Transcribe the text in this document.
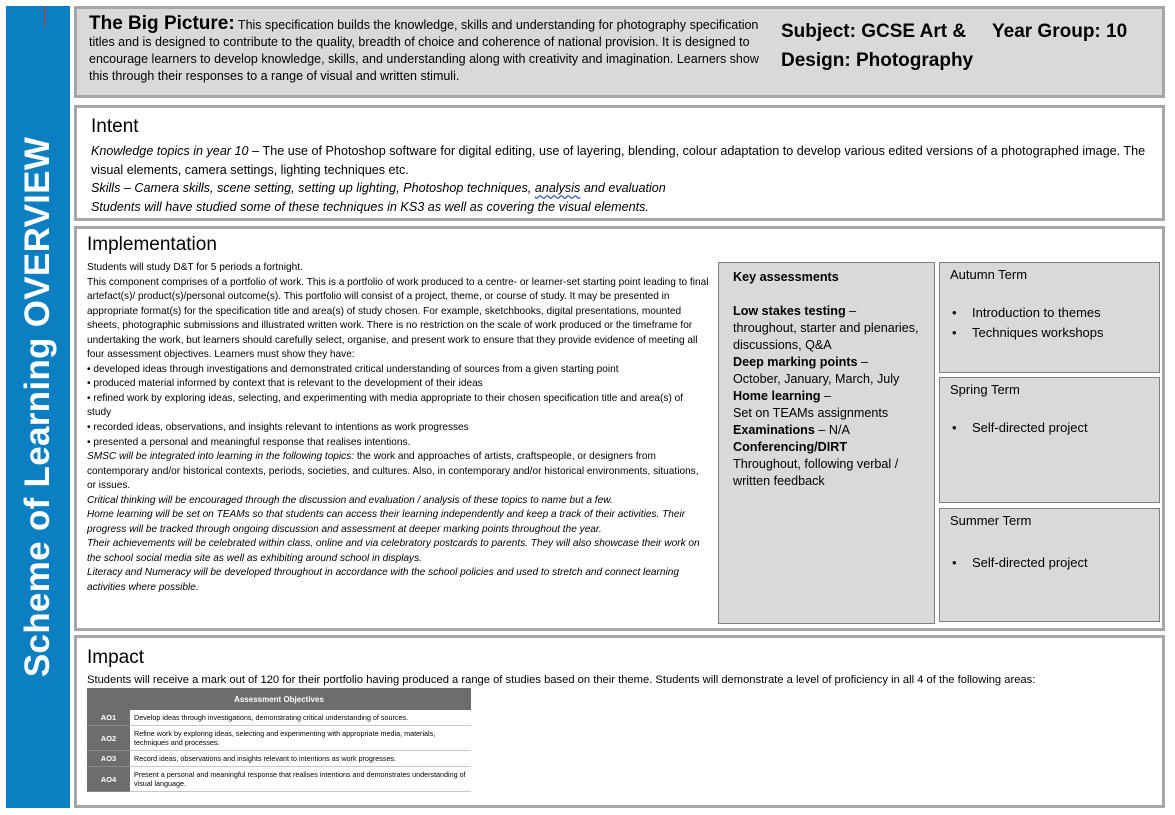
Scheme of Learning OVERVIEW
The Big Picture: This specification builds the knowledge, skills and understanding for photography specification titles and is designed to contribute to the quality, breadth of choice and coherence of national provision. It is designed to encourage learners to develop knowledge, skills, and understanding along with creativity and imagination. Learners show this through their responses to a range of visual and written stimuli.
Subject: GCSE Art & Design: Photography
Year Group: 10
Intent
Knowledge topics in year 10 – The use of Photoshop software for digital editing, use of layering, blending, colour adaptation to develop various edited versions of a photographed image. The visual elements, camera settings, lighting techniques etc.
Skills – Camera skills, scene setting, setting up lighting, Photoshop techniques, analysis and evaluation
Students will have studied some of these techniques in KS3 as well as covering the visual elements.
Implementation

Students will study D&T for 5 periods a fortnight.

This component comprises of a portfolio of work. This is a portfolio of work produced to a centre- or learner-set starting point leading to final artefact(s)/ product(s)/personal outcome(s). This portfolio will consist of a project, theme, or course of study. It may be presented in appropriate format(s) for the specification title and area(s) of study chosen. For example, sketchbooks, digital presentations, mounted sheets, photographic submissions and illustrated written work. There is no restriction on the scale of work produced or the timeframe for undertaking the work, but learners should carefully select, organise, and present work to ensure that they provide evidence of meeting all four assessment objectives. Learners must show they have:

• developed ideas through investigations and demonstrated critical understanding of sources from a given starting point

• produced material informed by context that is relevant to the development of their ideas

• refined work by exploring ideas, selecting, and experimenting with media appropriate to their chosen specification title and area(s) of study

• recorded ideas, observations, and insights relevant to intentions as work progresses

• presented a personal and meaningful response that realises intentions.

SMSC will be integrated into learning in the following topics: the work and approaches of artists, craftspeople, or designers from contemporary and/or historical contexts, periods, societies, and cultures. Also, in contemporary and/or historical environments, situations, or issues.

Critical thinking will be encouraged through the discussion and evaluation / analysis of these topics to name but a few.

Home learning will be set on TEAMs so that students can access their learning independently and keep a track of their activities. Their progress will be tracked through ongoing discussion and assessment at deeper marking points throughout the year.

Their achievements will be celebrated within class, online and via celebratory postcards to parents. They will also showcase their work on the school social media site as well as exhibiting around school in displays.

Literacy and Numeracy will be developed throughout in accordance with the school policies and used to stretch and connect learning activities where possible.

Key assessments
Low stakes testing –
throughout, starter and plenaries, discussions, Q&A
Deep marking points –
October, January, March, July
Home learning –
Set on TEAMs assignments
Examinations – N/A
Conferencing/DIRT
Throughout, following verbal / written feedback
Autumn Term
• Introduction to themes
• Techniques workshops
Spring Term
• Self-directed project
Summer Term
• Self-directed project
Impact
Students will receive a mark out of 120 for their portfolio having produced a range of studies based on their theme. Students will demonstrate a level of proficiency in all 4 of the following areas:
Assessment Objectives	
AO1	Develop ideas through investigations, demonstrating critical understanding of sources.
AO2	Refine work by exploring ideas, selecting and experimenting with appropriate media, materials, techniques and processes.
AO3	Record ideas, observations and insights relevant to intentions as work progresses.
AO4	Present a personal and meaningful response that realises intentions and demonstrates understanding of visual language.
